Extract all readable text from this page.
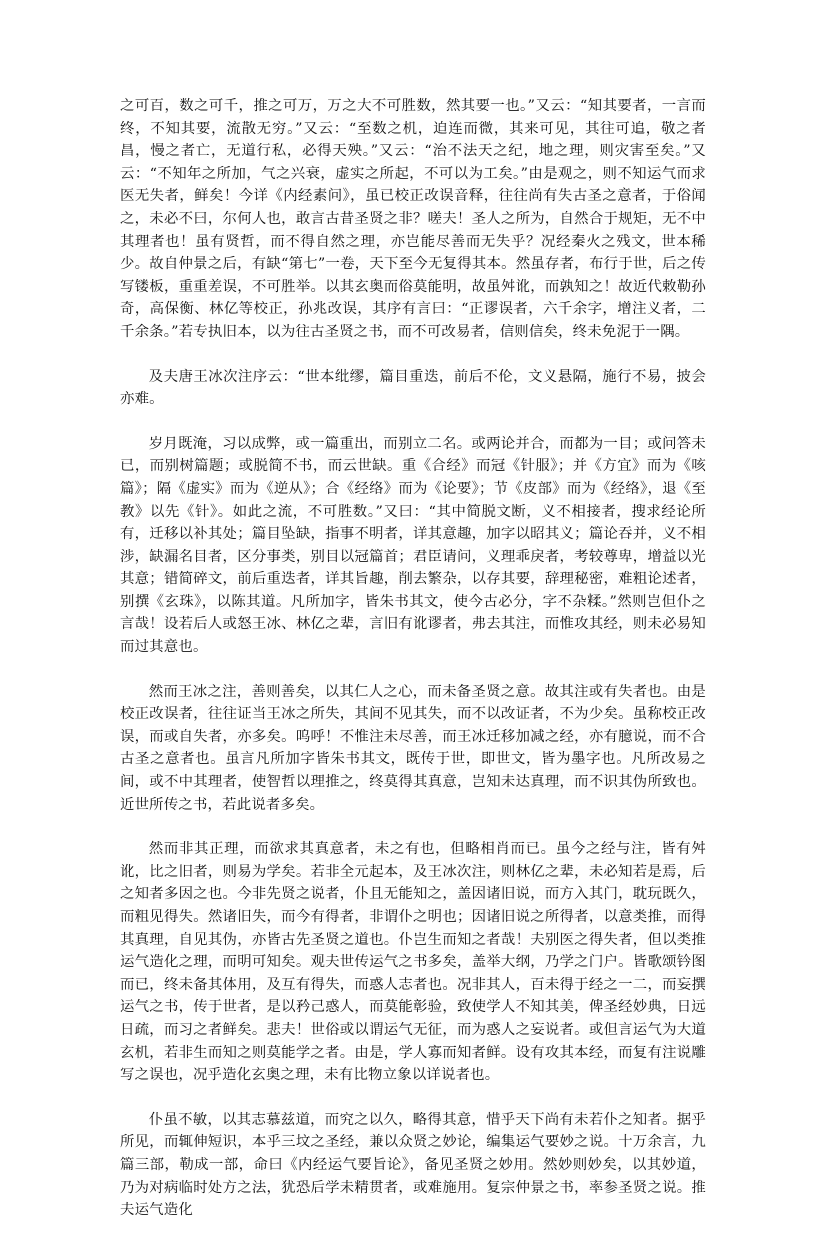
之可百，数之可千，推之可万，万之大不可胜数，然其要一也。”又云：“知其要者，一言而终，不知其要，流散无穷。”又云：“至数之机，迫连而微，其来可见，其往可追，敬之者昌，慢之者亡，无道行私，必得天殃。”又云：“治不法天之纪，地之理，则灾害至矣。”又云：“不知年之所加，气之兴衰，虚实之所起，不可以为工矣。”由是观之，则不知运气而求医无失者，鲜矣！今详《内经素问》，虽已校正改误音释，往往尚有失古圣之意者，于俗闻之，未必不曰，尔何人也，敢言古昔圣贤之非？嗟夫！圣人之所为，自然合于规矩，无不中其理者也！虽有贤哲，而不得自然之理，亦岂能尽善而无失乎？况经秦火之残文，世本稀少。故自仲景之后，有缺“第七”一卷，天下至今无复得其本。然虽存者，布行于世，后之传写镂板，重重差误，不可胜举。以其玄奥而俗莫能明，故虽舛讹，而孰知之！故近代敕勒孙奇，高保衡、林亿等校正，孙兆改误，其序有言曰：“正谬误者，六千余字，增注义者，二千余条。”若专执旧本，以为往古圣贤之书，而不可改易者，信则信矣，终未免泥于一隅。

及夫唐王冰次注序云：“世本纰缪，篇目重迭，前后不伦，文义悬隔，施行不易，披会亦难。

岁月既淹，习以成弊，或一篇重出，而别立二名。或两论并合，而都为一目；或问答未已，而别树篇题；或脱简不书，而云世缺。重《合经》而冠《针服》；并《方宜》而为《咳篇》；隔《虚实》而为《逆从》；合《经络》而为《论要》；节《皮部》而为《经络》，退《至教》以先《针》。如此之流，不可胜数。”又曰：“其中简脱文断，义不相接者，搜求经论所有，迁移以补其处；篇目坠缺，指事不明者，详其意趣，加字以昭其义；篇论吞并，义不相涉，缺漏名目者，区分事类，别目以冠篇首；君臣请问，义理乖戾者，考较尊卑，增益以光其意；错简碎文，前后重迭者，详其旨趣，削去繁杂，以存其要，辞理秘密，难粗论述者，别撰《玄珠》，以陈其道。凡所加字，皆朱书其文，使今古必分，字不杂糅。”然则岂但仆之言哉！设若后人或怒王冰、林亿之辈，言旧有讹谬者，弗去其注，而惟攻其经，则未必易知而过其意也。

然而王冰之注，善则善矣，以其仁人之心，而未备圣贤之意。故其注或有失者也。由是校正改误者，往往证当王冰之所失，其间不见其失，而不以改证者，不为少矣。虽称校正改误，而或自失者，亦多矣。呜呼！不惟注未尽善，而王冰迁移加减之经，亦有臆说，而不合古圣之意者也。虽言凡所加字皆朱书其文，既传于世，即世文，皆为墨字也。凡所改易之间，或不中其理者，使智哲以理推之，终莫得其真意，岂知未达真理，而不识其伪所致也。近世所传之书，若此说者多矣。

然而非其正理，而欲求其真意者，未之有也，但略相肖而已。虽今之经与注，皆有舛讹，比之旧者，则易为学矣。若非全元起本，及王冰次注，则林亿之辈，未必知若是焉，后之知者多因之也。今非先贤之说者，仆且无能知之，盖因诸旧说，而方入其门，耽玩既久，而粗见得失。然诸旧失，而今有得者，非谓仆之明也；因诸旧说之所得者，以意类推，而得其真理，自见其伪，亦皆古先圣贤之道也。仆岂生而知之者哉！夫别医之得失者，但以类推运气造化之理，而明可知矣。观夫世传运气之书多矣，盖举大纲，乃学之门户。皆歌颂钤图而已，终未备其体用，及互有得失，而惑人志者也。况非其人，百未得于经之一二，而妄撰运气之书，传于世者，是以矜己惑人，而莫能彰验，致使学人不知其美，俾圣经妙典，日远日疏，而习之者鲜矣。悲夫！世俗或以谓运气无征，而为惑人之妄说者。或但言运气为大道玄机，若非生而知之则莫能学之者。由是，学人寡而知者鲜。设有攻其本经，而复有注说雕写之误也，况乎造化玄奥之理，未有比物立象以详说者也。

仆虽不敏，以其志慕兹道，而究之以久，略得其意，惜乎天下尚有未若仆之知者。据乎所见，而辄伸短识，本乎三坟之圣经，兼以众贤之妙论，编集运气要妙之说。十万余言，九篇三部，勒成一部，命曰《内经运气要旨论》，备见圣贤之妙用。然妙则妙矣，以其妙道，乃为对病临时处方之法，犹恐后学未精贯者，或难施用。复宗仲景之书，率参圣贤之说。推夫运气造化
